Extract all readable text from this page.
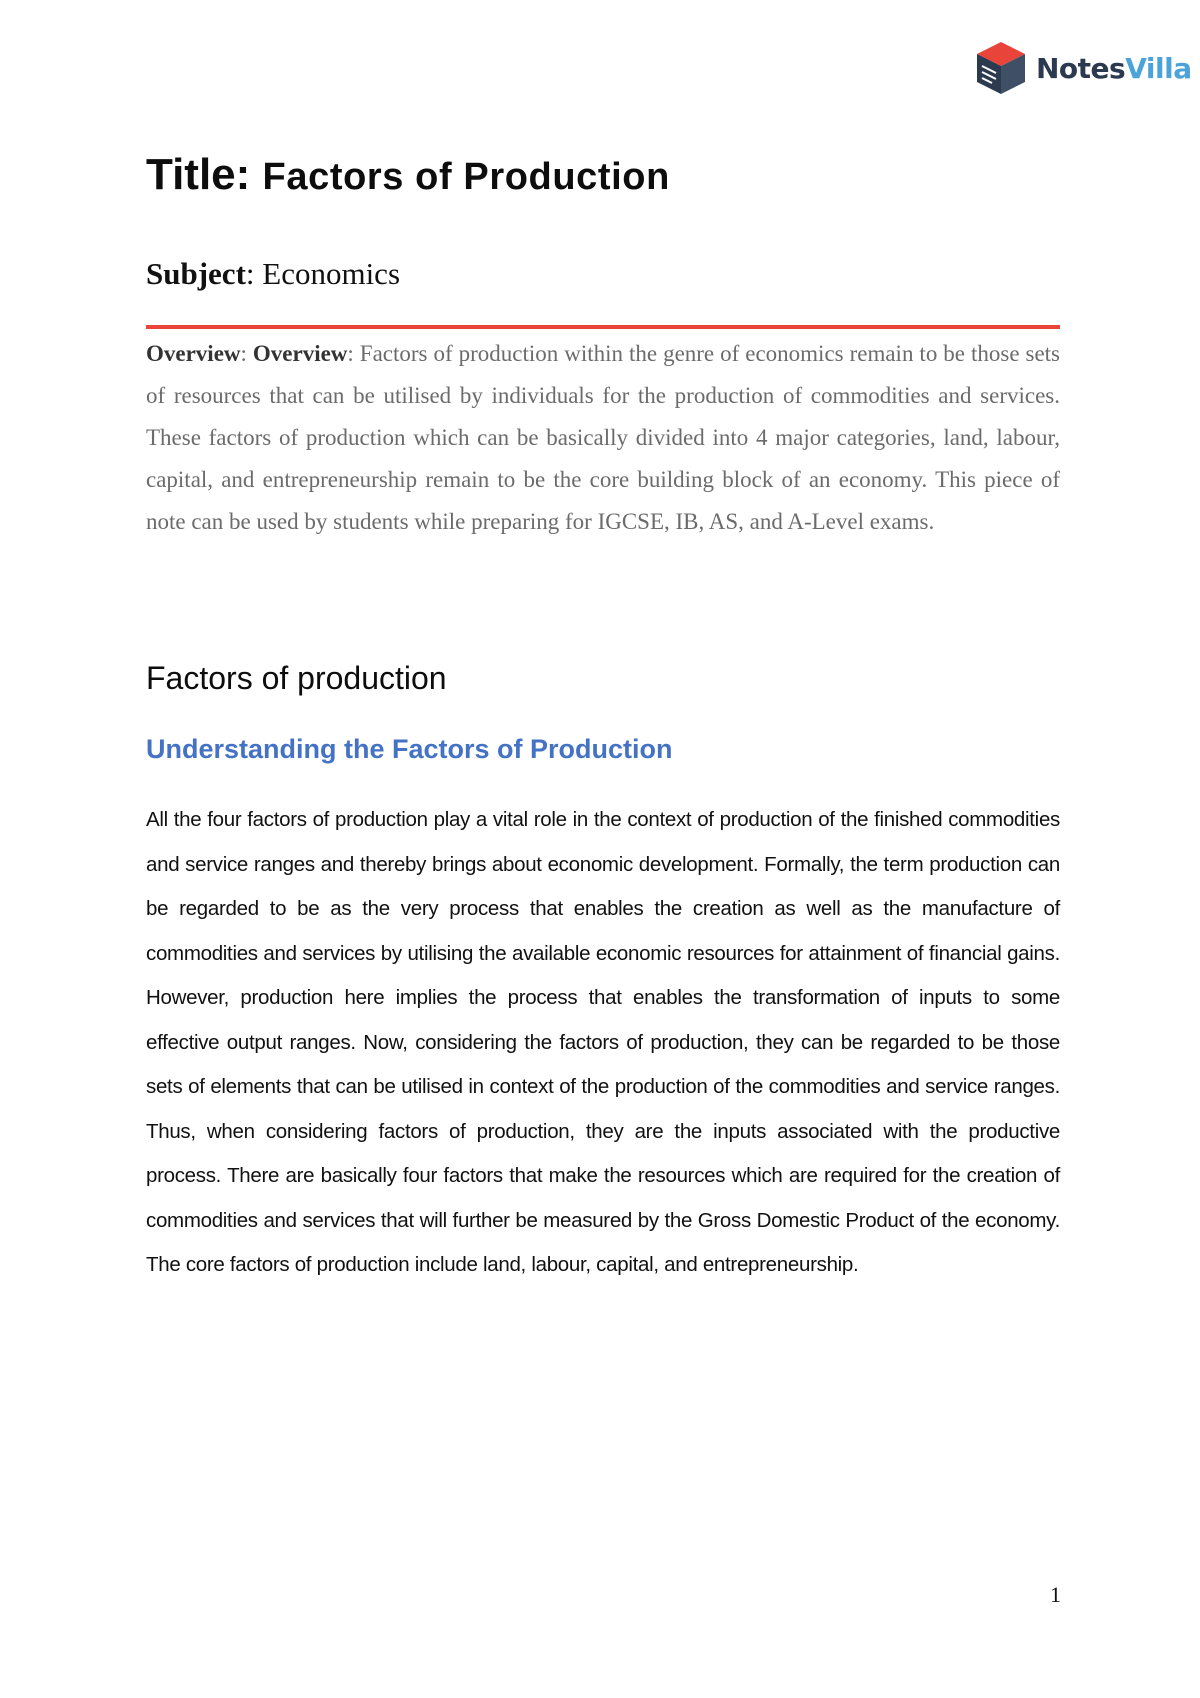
NotesVilla
Title: Factors of Production

Subject: Economics

Overview: Overview: Factors of production within the genre of economics remain to be those sets of resources that can be utilised by individuals for the production of commodities and services. These factors of production which can be basically divided into 4 major categories, land, labour, capital, and entrepreneurship remain to be the core building block of an economy. This piece of note can be used by students while preparing for IGCSE, IB, AS, and A-Level exams.

Factors of production
Understanding the Factors of Production

All the four factors of production play a vital role in the context of production of the finished commodities and service ranges and thereby brings about economic development. Formally, the term production can be regarded to be as the very process that enables the creation as well as the manufacture of commodities and services by utilising the available economic resources for attainment of financial gains. However, production here implies the process that enables the transformation of inputs to some effective output ranges. Now, considering the factors of production, they can be regarded to be those sets of elements that can be utilised in context of the production of the commodities and service ranges. Thus, when considering factors of production, they are the inputs associated with the productive process. There are basically four factors that make the resources which are required for the creation of commodities and services that will further be measured by the Gross Domestic Product of the economy. The core factors of production include land, labour, capital, and entrepreneurship.

1
